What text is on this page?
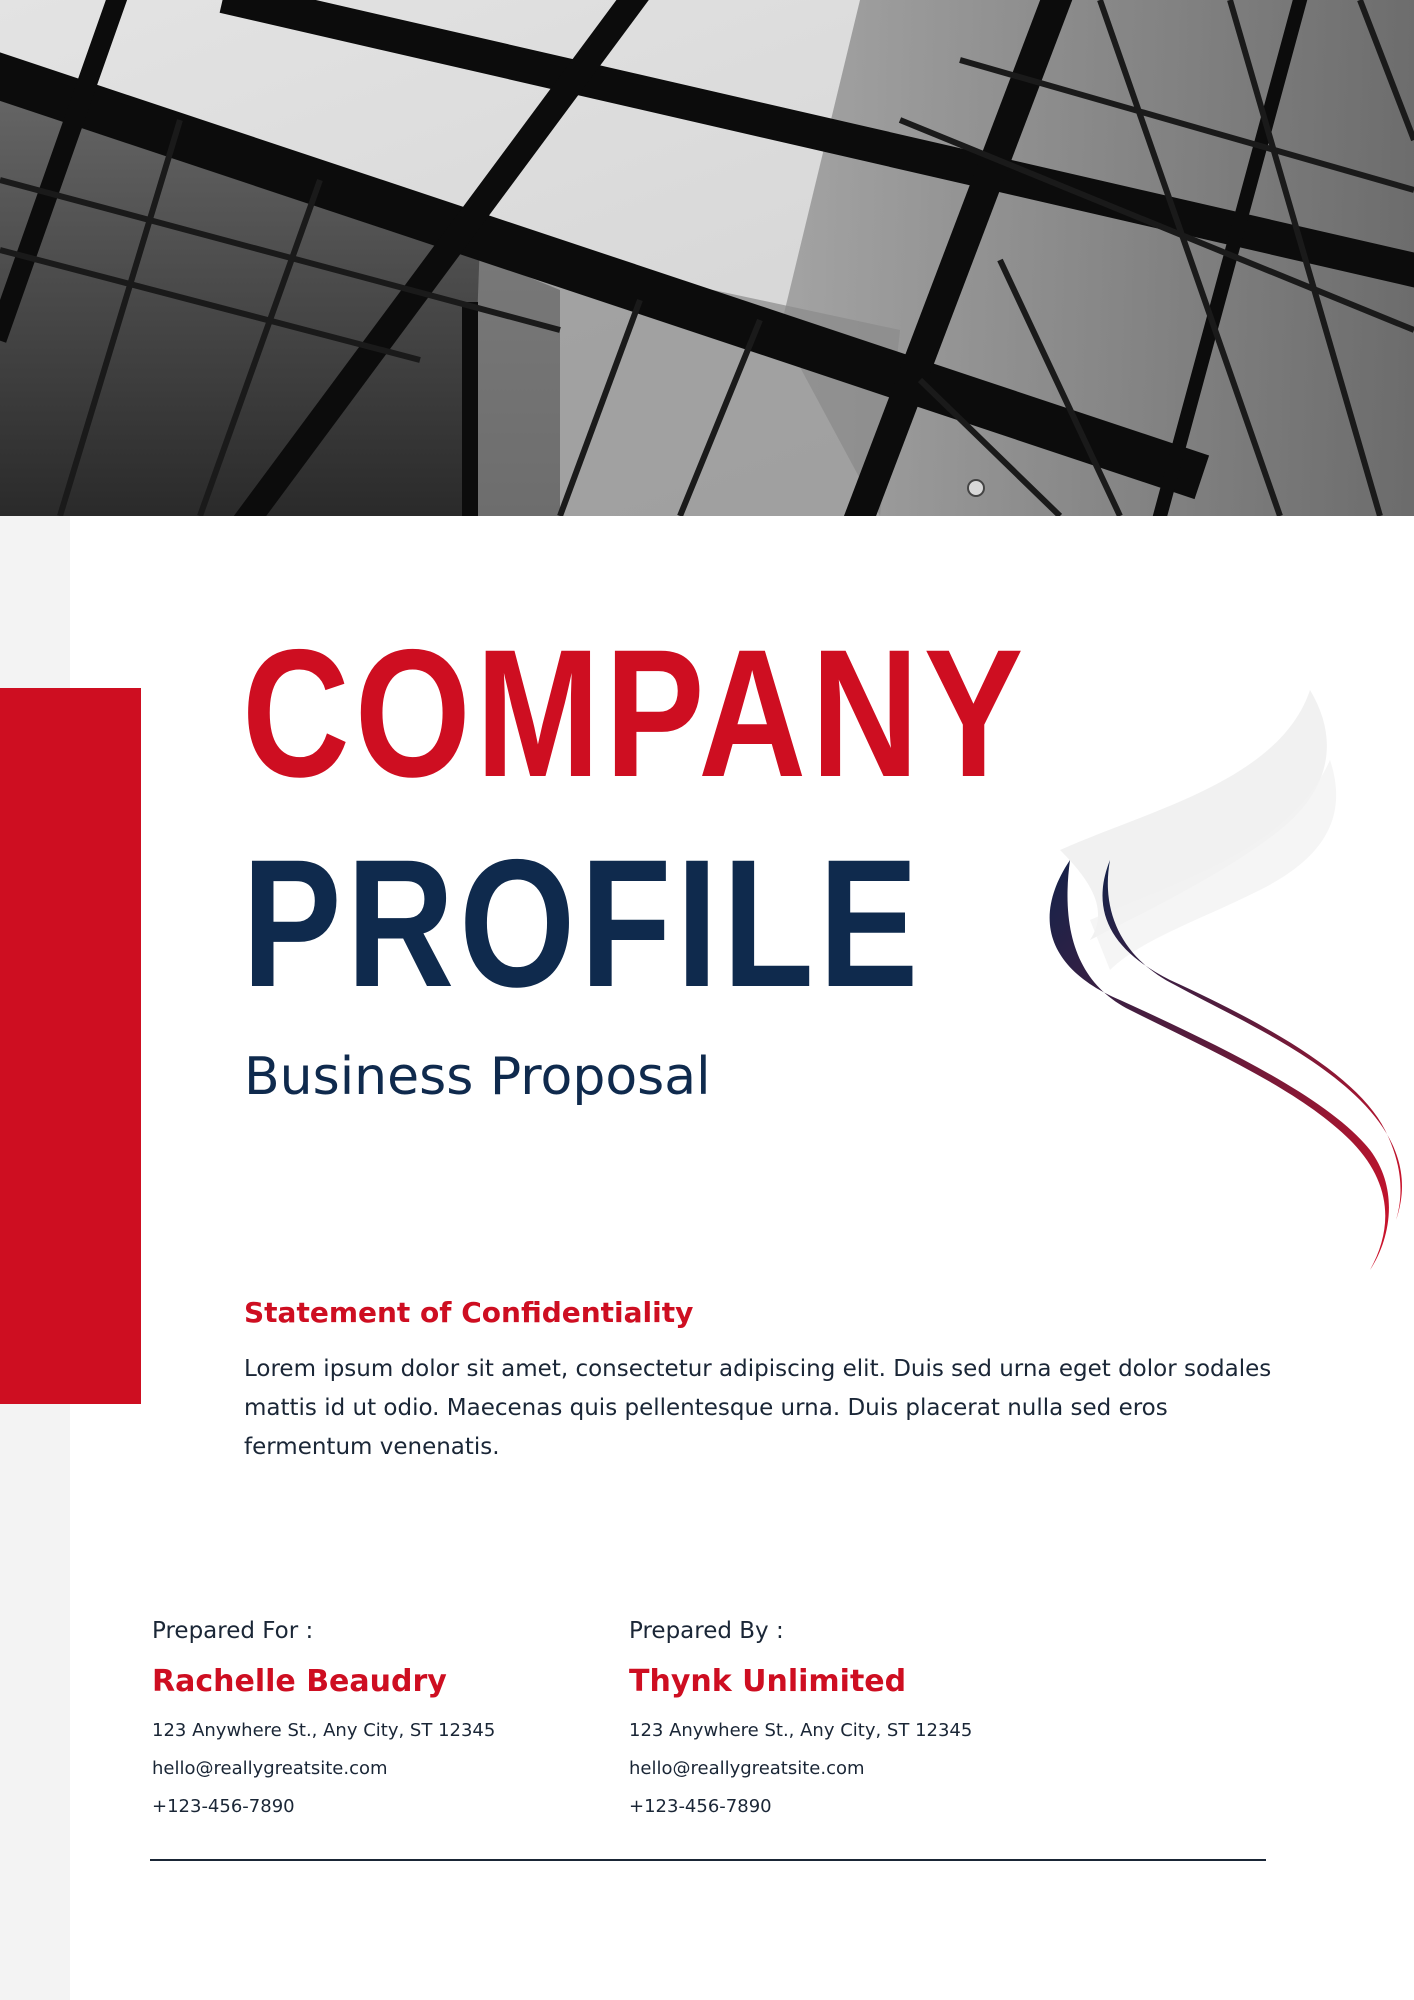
COMPANY
PROFILE
Business Proposal
Statement of Confidentiality
Lorem ipsum dolor sit amet, consectetur adipiscing elit. Duis sed urna eget dolor sodales mattis id ut odio. Maecenas quis pellentesque urna. Duis placerat nulla sed eros fermentum venenatis.
Prepared For :
Rachelle Beaudry
123 Anywhere St., Any City, ST 12345
hello@reallygreatsite.com
+123-456-7890
Prepared By :
Thynk Unlimited
123 Anywhere St., Any City, ST 12345
hello@reallygreatsite.com
+123-456-7890
